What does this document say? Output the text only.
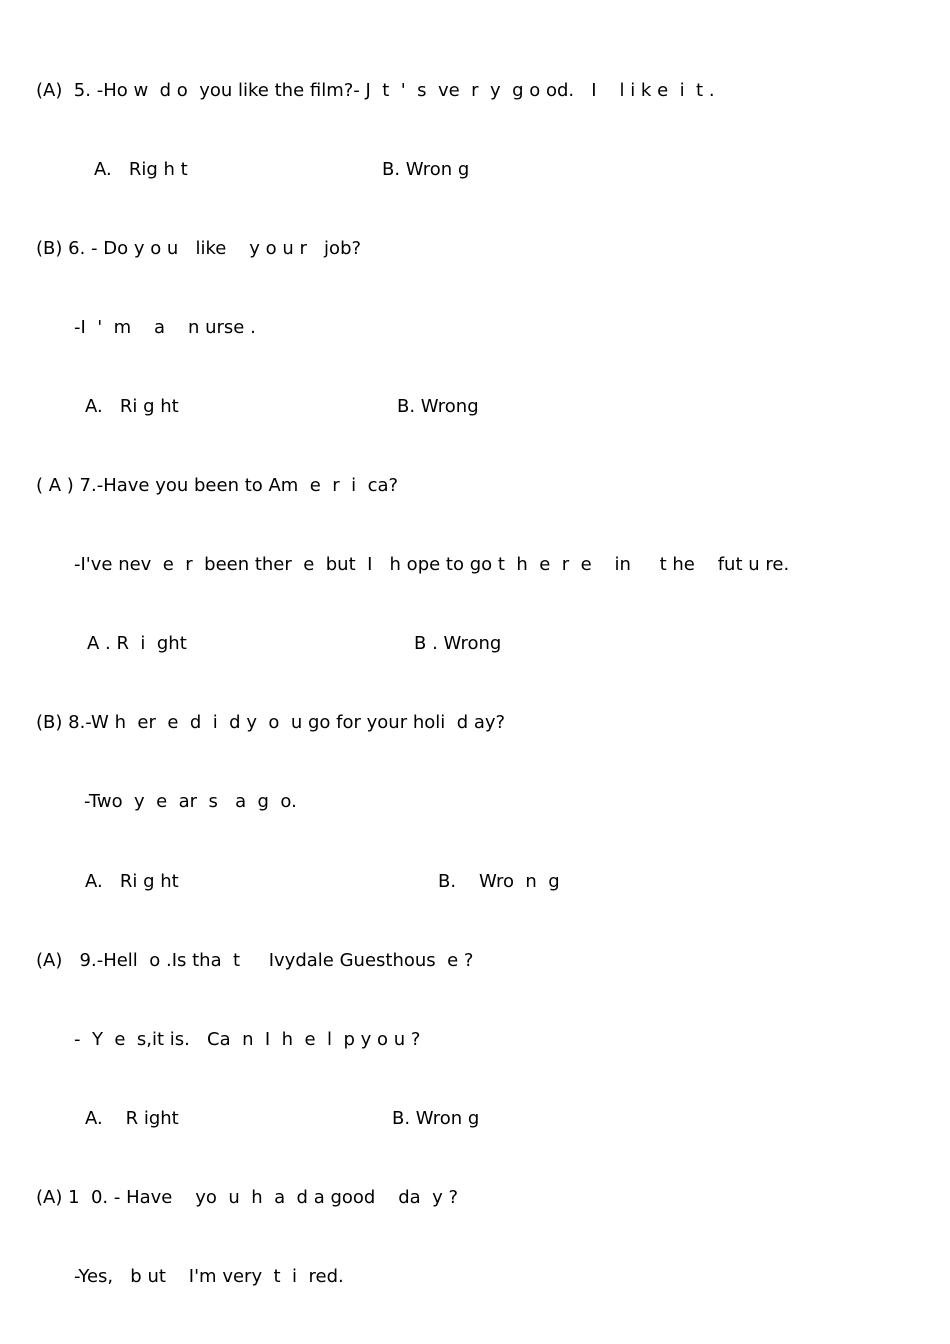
(A)  5. -Ho w  d o  you like the film?- J  t  '  s  ve  r  y  g o od.   I    l i k e  i  t .
A.   Rig h t	B. Wron g
(B) 6. - Do y o u   like    y o u r   job?
-I  '  m    a    n urse .
A.   Ri g ht	B. Wrong
( A ) 7.-Have you been to Am  e  r  i  ca?
-I've nev  e  r  been ther  e  but  I   h ope to go t  h  e  r  e    in     t he    fut u re.
A . R  i  ght	B . Wrong
(B) 8.-W h  er  e  d  i  d y  o  u go for your holi  d ay?
-Two  y  e  ar  s   a  g  o.
A.   Ri g ht	B.    Wro  n  g
(A)   9.-Hell  o .Is tha  t     Ivydale Guesthous  e ?
-  Y  e  s,it is.   Ca  n  I  h  e  l  p y o u ?
A.    R ight	B. Wron g
(A) 1  0. - Have    yo  u  h  a  d a good    da  y ?
-Yes,   b ut    I'm very  t  i  red.
